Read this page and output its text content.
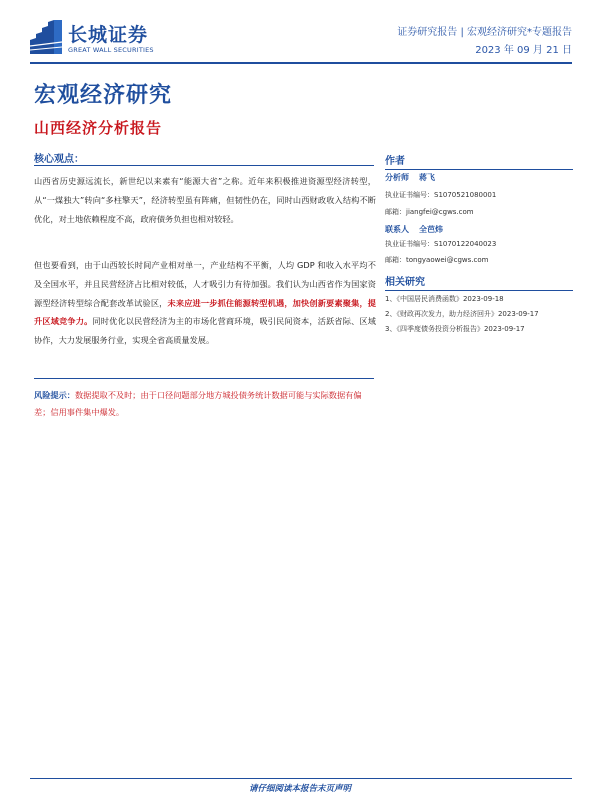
长城证券
GREAT WALL SECURITIES
证券研究报告 | 宏观经济研究*专题报告
2023 年 09 月 21 日
宏观经济研究
山西经济分析报告
核心观点：
山西省历史源远流长，新世纪以来素有“能源大省”之称。近年来积极推进资源型经济转型，从“一煤独大”转向“多柱擎天”，经济转型虽有阵痛，但韧性仍在，同时山西财政收入结构不断优化，对土地依赖程度不高，政府债务负担也相对较轻。
但也要看到，由于山西较长时间产业相对单一，产业结构不平衡，人均 GDP 和收入水平均不及全国水平，并且民营经济占比相对较低，人才吸引力有待加强。我们认为山西省作为国家资源型经济转型综合配套改革试验区，未来应进一步抓住能源转型机遇，加快创新要素聚集，提升区域竞争力。同时优化以民营经济为主的市场化营商环境，吸引民间资本，活跃省际、区域协作，大力发展服务行业，实现全省高质量发展。
风险提示：数据提取不及时；由于口径问题部分地方城投债务统计数据可能与实际数据有偏差；信用事件集中爆发。
作者
分析师 蒋飞
执业证书编号：S1070521080001
邮箱：jiangfei@cgws.com
联系人 全芭炜
执业证书编号：S1070122040023
邮箱：tongyaowei@cgws.com
相关研究
1、《中国居民消费函数》2023-09-18
2、《财政再次发力，助力经济回升》2023-09-17
3、《四季度债务投资分析报告》2023-09-17
请仔细阅读本报告末页声明
